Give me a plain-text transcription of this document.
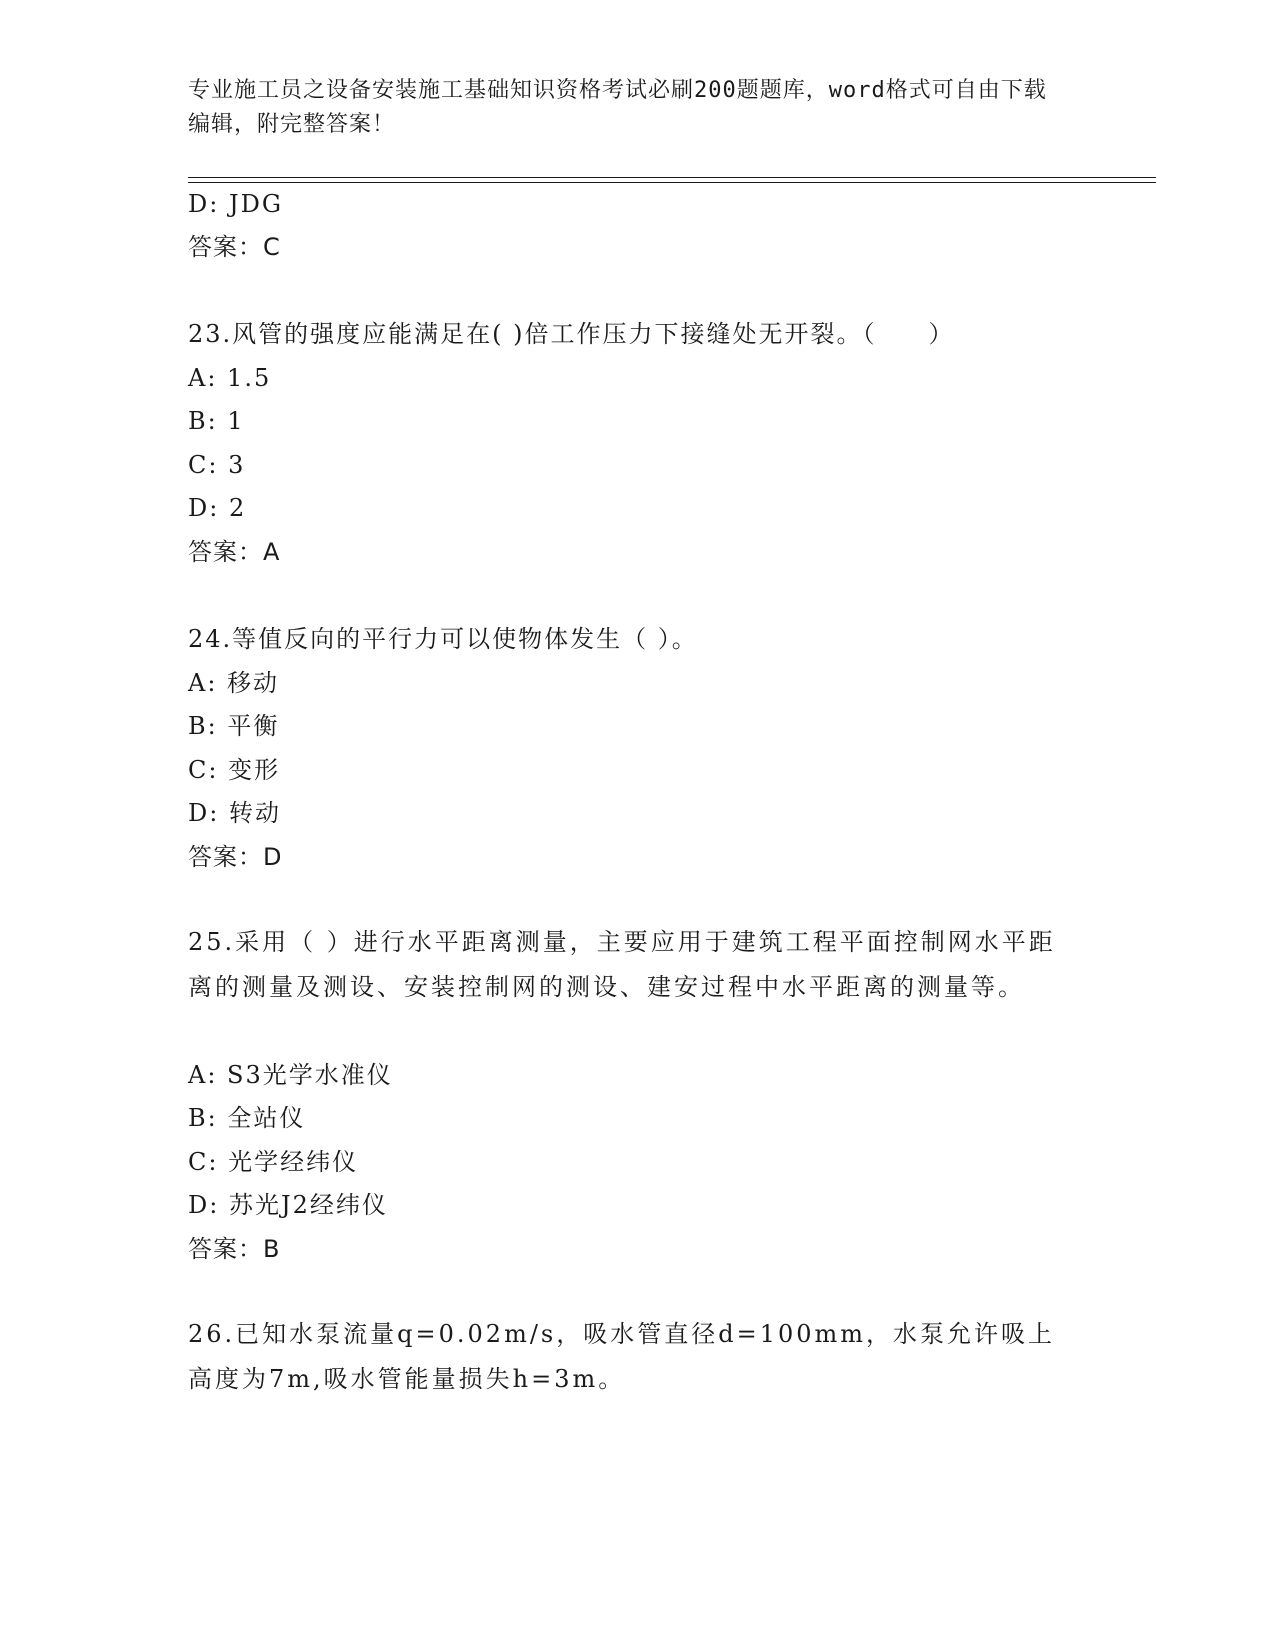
专业施工员之设备安装施工基础知识资格考试必刷200题题库，word格式可自由下载编辑，附完整答案！
D: JDG
答案：C
23.风管的强度应能满足在( )倍工作压力下接缝处无开裂。（　　）
A: 1.5
B: 1
C: 3
D: 2
答案：A
24.等值反向的平行力可以使物体发生（ ）。
A: 移动
B: 平衡
C: 变形
D: 转动
答案：D
25.采用（ ）进行水平距离测量，主要应用于建筑工程平面控制网水平距离的测量及测设、安装控制网的测设、建安过程中水平距离的测量等。
A: S3光学水准仪
B: 全站仪
C: 光学经纬仪
D: 苏光J2经纬仪
答案：B
26.已知水泵流量q=0.02m/s，吸水管直径d=100mm，水泵允许吸上高度为7m,吸水管能量损失h=3m。
